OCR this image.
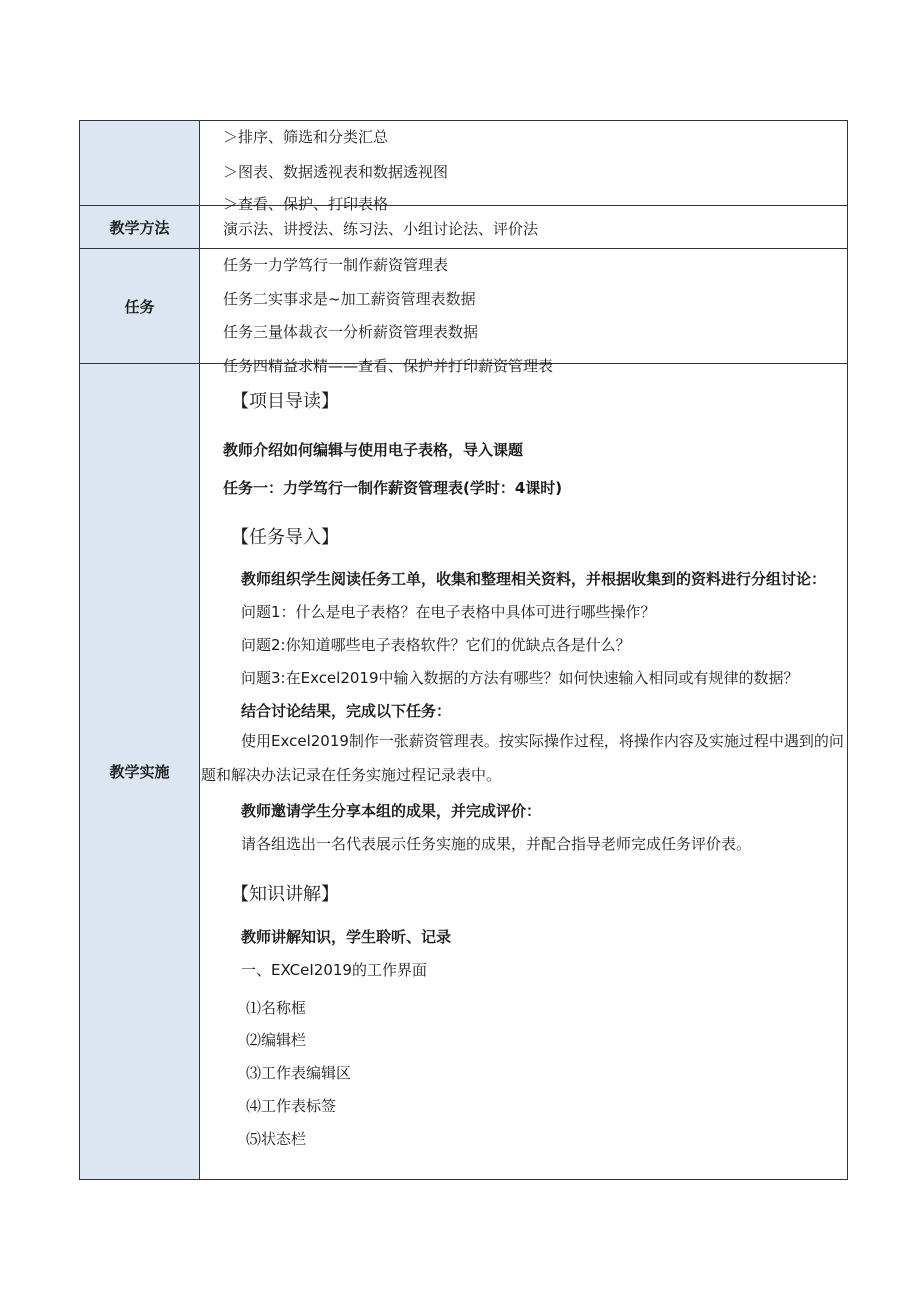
＞排序、筛选和分类汇总
＞图表、数据透视表和数据透视图
＞查看、保护、打印表格
教学方法	演示法、讲授法、练习法、小组讨论法、评价法
任务
任务一力学笃行一制作薪资管理表
任务二实事求是~加工薪资管理表数据
任务三量体裁衣一分析薪资管理表数据
任务四精益求精——查看、保护并打印薪资管理表
教学实施
【项目导读】
教师介绍如何编辑与使用电子表格，导入课题
任务一：力学笃行一制作薪资管理表(学时：4课时)
【任务导入】
教师组织学生阅读任务工单，收集和整理相关资料，并根据收集到的资料进行分组讨论：
问题1：什么是电子表格？在电子表格中具体可进行哪些操作？
问题2:你知道哪些电子表格软件？它们的优缺点各是什么？
问题3:在Excel2019中输入数据的方法有哪些？如何快速输入相同或有规律的数据？
结合讨论结果，完成以下任务：
使用Excel2019制作一张薪资管理表。按实际操作过程，将操作内容及实施过程中遇到的问题和解决办法记录在任务实施过程记录表中。
教师邀请学生分享本组的成果，并完成评价：
请各组选出一名代表展示任务实施的成果，并配合指导老师完成任务评价表。
【知识讲解】
教师讲解知识，学生聆听、记录
一、EXCeI2019的工作界面
⑴名称框
⑵编辑栏
⑶工作表编辑区
⑷工作表标签
⑸状态栏
